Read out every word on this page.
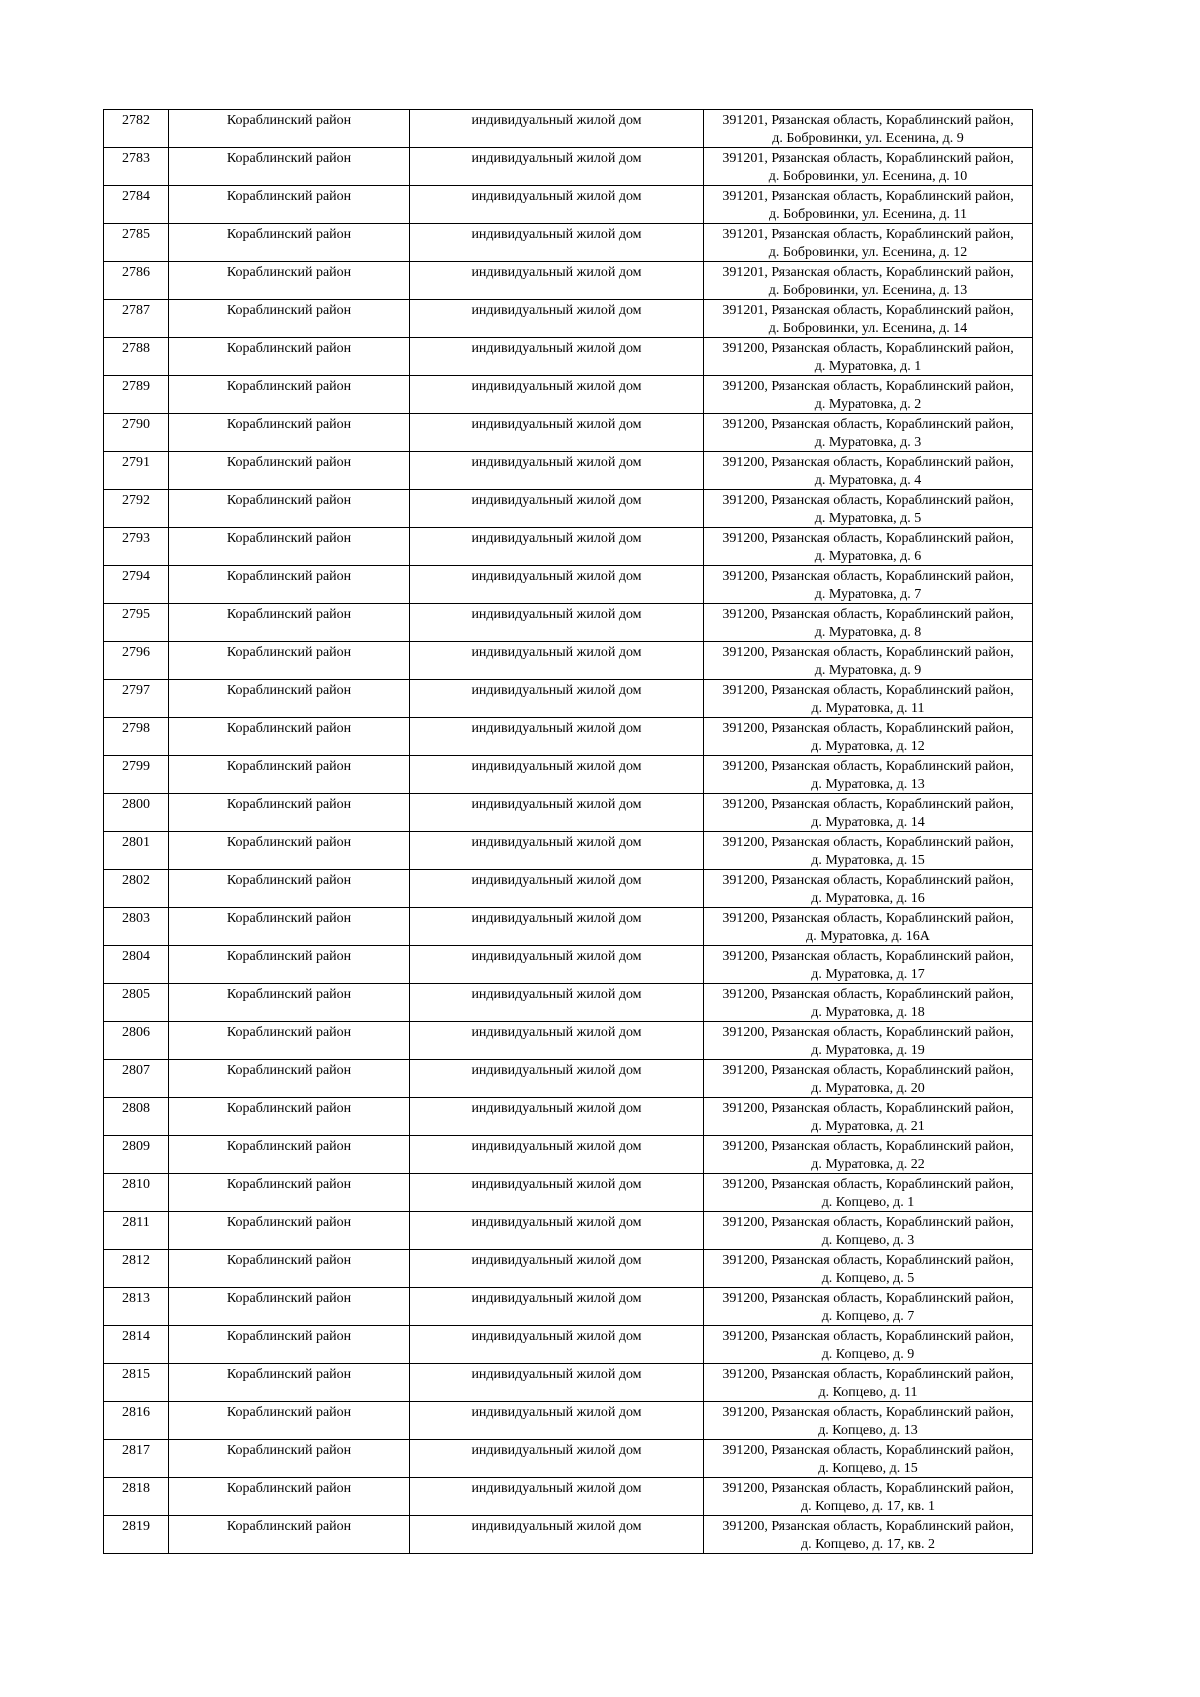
2782	Кораблинский район	индивидуальный жилой дом	391201, Рязанская область, Кораблинский район,
д. Бобровинки, ул. Есенина, д. 9

2783	Кораблинский район	индивидуальный жилой дом	391201, Рязанская область, Кораблинский район,
д. Бобровинки, ул. Есенина, д. 10

2784	Кораблинский район	индивидуальный жилой дом	391201, Рязанская область, Кораблинский район,
д. Бобровинки, ул. Есенина, д. 11

2785	Кораблинский район	индивидуальный жилой дом	391201, Рязанская область, Кораблинский район,
д. Бобровинки, ул. Есенина, д. 12

2786	Кораблинский район	индивидуальный жилой дом	391201, Рязанская область, Кораблинский район,
д. Бобровинки, ул. Есенина, д. 13

2787	Кораблинский район	индивидуальный жилой дом	391201, Рязанская область, Кораблинский район,
д. Бобровинки, ул. Есенина, д. 14

2788	Кораблинский район	индивидуальный жилой дом	391200, Рязанская область, Кораблинский район,
д. Муратовка, д. 1

2789	Кораблинский район	индивидуальный жилой дом	391200, Рязанская область, Кораблинский район,
д. Муратовка, д. 2

2790	Кораблинский район	индивидуальный жилой дом	391200, Рязанская область, Кораблинский район,
д. Муратовка, д. 3

2791	Кораблинский район	индивидуальный жилой дом	391200, Рязанская область, Кораблинский район,
д. Муратовка, д. 4

2792	Кораблинский район	индивидуальный жилой дом	391200, Рязанская область, Кораблинский район,
д. Муратовка, д. 5

2793	Кораблинский район	индивидуальный жилой дом	391200, Рязанская область, Кораблинский район,
д. Муратовка, д. 6

2794	Кораблинский район	индивидуальный жилой дом	391200, Рязанская область, Кораблинский район,
д. Муратовка, д. 7

2795	Кораблинский район	индивидуальный жилой дом	391200, Рязанская область, Кораблинский район,
д. Муратовка, д. 8

2796	Кораблинский район	индивидуальный жилой дом	391200, Рязанская область, Кораблинский район,
д. Муратовка, д. 9

2797	Кораблинский район	индивидуальный жилой дом	391200, Рязанская область, Кораблинский район,
д. Муратовка, д. 11

2798	Кораблинский район	индивидуальный жилой дом	391200, Рязанская область, Кораблинский район,
д. Муратовка, д. 12

2799	Кораблинский район	индивидуальный жилой дом	391200, Рязанская область, Кораблинский район,
д. Муратовка, д. 13

2800	Кораблинский район	индивидуальный жилой дом	391200, Рязанская область, Кораблинский район,
д. Муратовка, д. 14

2801	Кораблинский район	индивидуальный жилой дом	391200, Рязанская область, Кораблинский район,
д. Муратовка, д. 15

2802	Кораблинский район	индивидуальный жилой дом	391200, Рязанская область, Кораблинский район,
д. Муратовка, д. 16

2803	Кораблинский район	индивидуальный жилой дом	391200, Рязанская область, Кораблинский район,
д. Муратовка, д. 16А

2804	Кораблинский район	индивидуальный жилой дом	391200, Рязанская область, Кораблинский район,
д. Муратовка, д. 17

2805	Кораблинский район	индивидуальный жилой дом	391200, Рязанская область, Кораблинский район,
д. Муратовка, д. 18

2806	Кораблинский район	индивидуальный жилой дом	391200, Рязанская область, Кораблинский район,
д. Муратовка, д. 19

2807	Кораблинский район	индивидуальный жилой дом	391200, Рязанская область, Кораблинский район,
д. Муратовка, д. 20

2808	Кораблинский район	индивидуальный жилой дом	391200, Рязанская область, Кораблинский район,
д. Муратовка, д. 21

2809	Кораблинский район	индивидуальный жилой дом	391200, Рязанская область, Кораблинский район,
д. Муратовка, д. 22

2810	Кораблинский район	индивидуальный жилой дом	391200, Рязанская область, Кораблинский район,
д. Копцево, д. 1

2811	Кораблинский район	индивидуальный жилой дом	391200, Рязанская область, Кораблинский район,
д. Копцево, д. 3

2812	Кораблинский район	индивидуальный жилой дом	391200, Рязанская область, Кораблинский район,
д. Копцево, д. 5

2813	Кораблинский район	индивидуальный жилой дом	391200, Рязанская область, Кораблинский район,
д. Копцево, д. 7

2814	Кораблинский район	индивидуальный жилой дом	391200, Рязанская область, Кораблинский район,
д. Копцево, д. 9

2815	Кораблинский район	индивидуальный жилой дом	391200, Рязанская область, Кораблинский район,
д. Копцево, д. 11

2816	Кораблинский район	индивидуальный жилой дом	391200, Рязанская область, Кораблинский район,
д. Копцево, д. 13

2817	Кораблинский район	индивидуальный жилой дом	391200, Рязанская область, Кораблинский район,
д. Копцево, д. 15

2818	Кораблинский район	индивидуальный жилой дом	391200, Рязанская область, Кораблинский район,
д. Копцево, д. 17, кв. 1

2819	Кораблинский район	индивидуальный жилой дом	391200, Рязанская область, Кораблинский район,
д. Копцево, д. 17, кв. 2
